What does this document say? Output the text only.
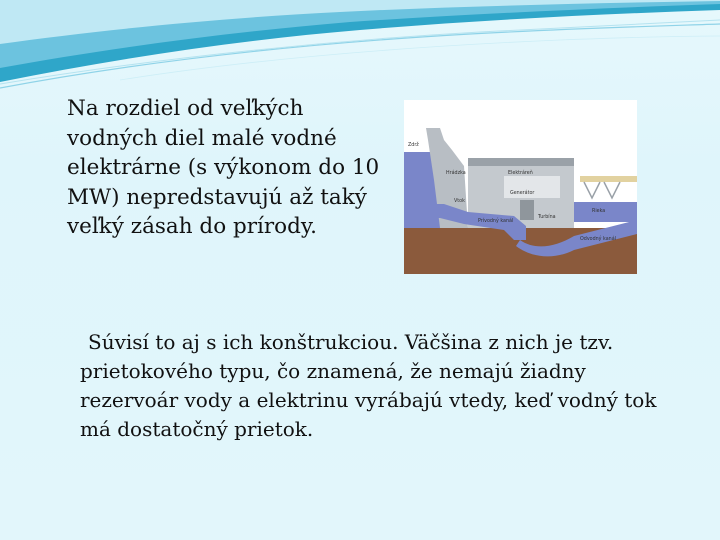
Na rozdiel od veľkých vodných diel malé vodné elektrárne (s výkonom do 10 MW) nepredstavujú až taký veľký zásah do prírody.

Zdrž
Hrádzka	Elektráreň
Generátor
Vtok
Prívodný kanál
Turbína
Rieka
Odvodný kanál

Súvisí to aj s ich konštrukciou. Väčšina z nich je tzv. prietokového typu, čo znamená, že nemajú žiadny rezervoár vody a elektrinu vyrábajú vtedy, keď vodný tok má dostatočný prietok.
